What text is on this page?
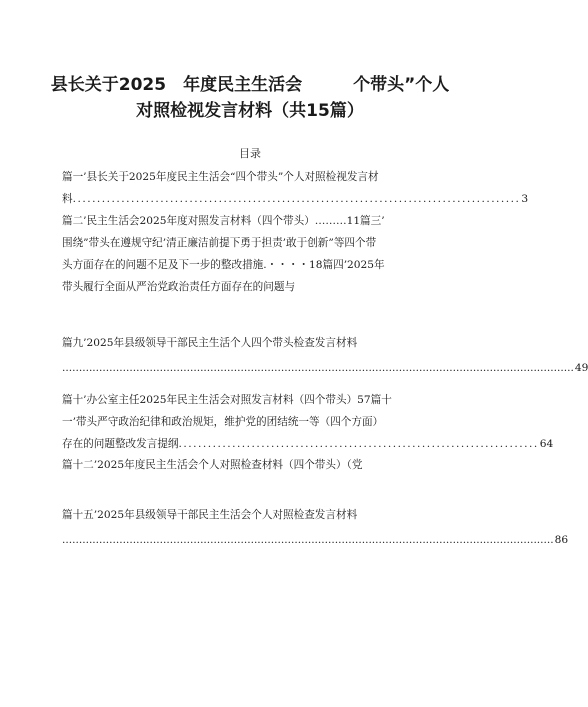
县长关于2025　年度民主生活会　　　个带头”个人
对照检视发言材料（共15篇）
目录
篇一’县长关于2025年度民主生活会“四个带头”个人对照检视发言材
料 ............................................................................................ 3
篇二’民主生活会2025年度对照发言材料（四个带头）………11篇三’
围绕”带头在遵规守纪’清正廉洁前提下勇于担责’敢于创新”等四个带
头方面存在的问题不足及下一步的整改措施.・・・・18篇四’2025年
带头履行全面从严治党政治责任方面存在的问题与
篇九’2025年县级领导干部民主生活个人四个带头检查发言材料
........................................................................................................................................................ 49
篇十’办公室主任2025年民主生活会对照发言材料（四个带头）57篇十
一’带头严守政治纪律和政治规矩，维护党的团结统一等（四个方面）
存在的问题整改发言提纲 .......................................................................... 64
篇十二’2025年度民主生活会个人对照检查材料（四个带头）（党
篇十五’2025年县级领导干部民主生活会个人对照检查发言材料
.................................................................................................................................................. 86
